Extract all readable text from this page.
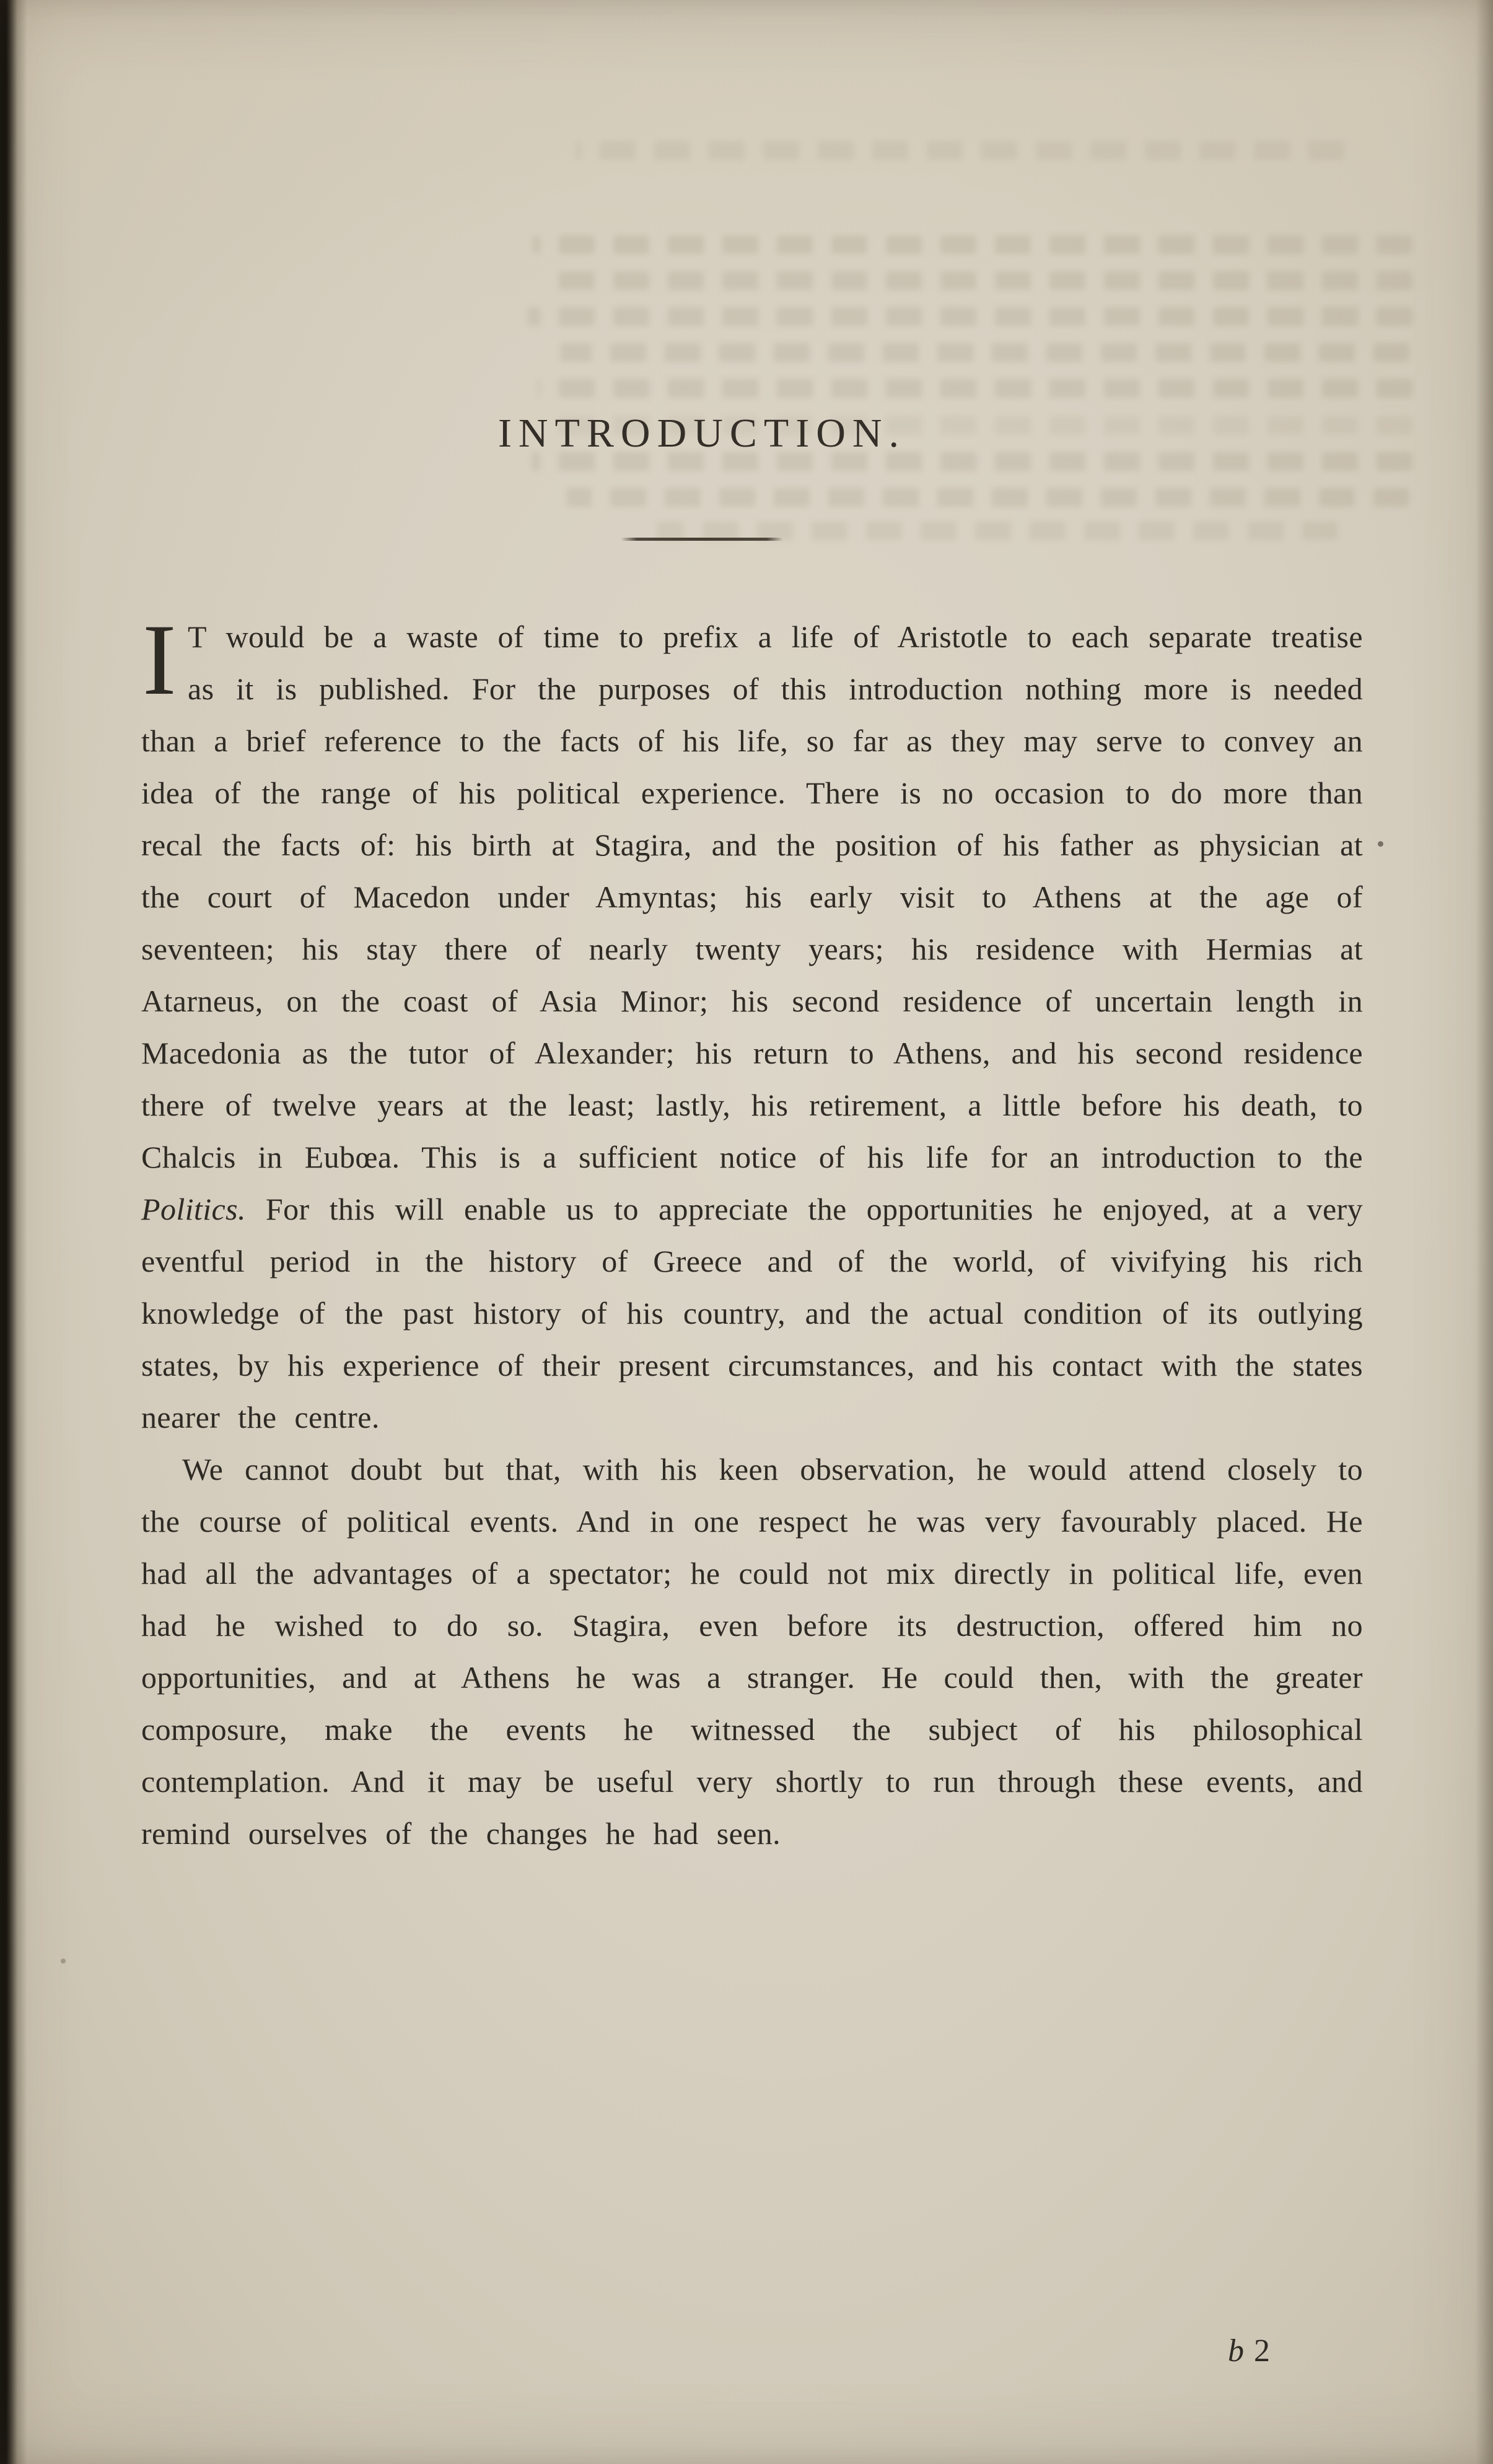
INTRODUCTION.

I T would be a waste of time to prefix a life of Aristotle to each separate treatise as it is published. For the purposes of this introduction nothing more is needed than a brief reference to the facts of his life, so far as they may serve to convey an idea of the range of his political experience. There is no occasion to do more than recal the facts of: his birth at Stagira, and the position of his father as physician at the court of Macedon under Amyntas; his early visit to Athens at the age of seventeen; his stay there of nearly twenty years; his residence with Hermias at Atarneus, on the coast of Asia Minor; his second residence of uncertain length in Macedonia as the tutor of Alexander; his return to Athens, and his second residence there of twelve years at the least; lastly, his retirement, a little before his death, to Chalcis in Eubœa. This is a sufficient notice of his life for an introduction to the Politics. For this will enable us to appreciate the opportunities he enjoyed, at a very eventful period in the history of Greece and of the world, of vivifying his rich knowledge of the past history of his country, and the actual condition of its outlying states, by his experience of their present circumstances, and his contact with the states nearer the centre.

We cannot doubt but that, with his keen observation, he would attend closely to the course of political events. And in one respect he was very favourably placed. He had all the advantages of a spectator; he could not mix directly in political life, even had he wished to do so. Stagira, even before its destruction, offered him no opportunities, and at Athens he was a stranger. He could then, with the greater composure, make the events he witnessed the subject of his philosophical contemplation. And it may be useful very shortly to run through these events, and remind ourselves of the changes he had seen.

b 2
